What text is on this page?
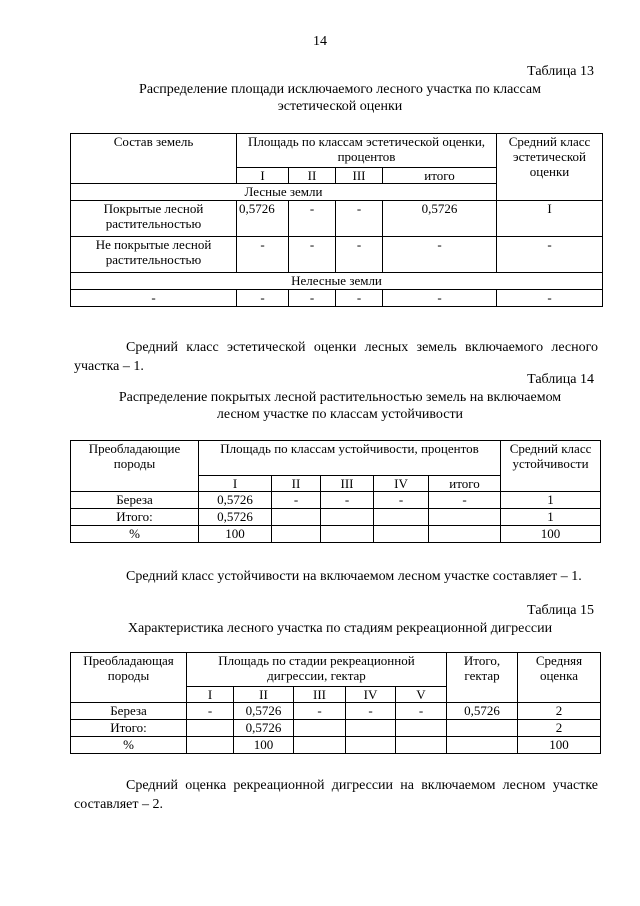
14
Таблица 13
Распределение площади исключаемого лесного участка по классам
эстетической оценки
Состав земель	Площадь по классам эстетической оценки, процентов				Средний класс эстетической оценки
	I	II	III	итого	
Лесные земли					
Покрытые лесной растительностью	0,5726	-	-	0,5726	I
Не покрытые лесной растительностью	-	-	-	-	-
Нелесные земли					
-	-	-	-	-	-
Средний класс эстетической оценки лесных земель включаемого лесного участка – 1.
Таблица 14
Распределение покрытых лесной растительностью земель на включаемом
лесном участке по классам устойчивости
Преобладающие породы	Площадь по классам устойчивости, процентов					Средний класс устойчивости
	I	II	III	IV	итого	
Береза	0,5726	-	-	-	-	1
Итого:	0,5726					1
%	100					100
Средний класс устойчивости на включаемом лесном участке составляет – 1.
Таблица 15
Характеристика лесного участка по стадиям рекреационной дигрессии
Преобладающая породы	Площадь по стадии рекреационной дигрессии, гектар					Итого, гектар	Средняя оценка
	I	II	III	IV	V		
Береза	-	0,5726	-	-	-	0,5726	2
Итого:		0,5726					2
%		100					100
Средний оценка рекреационной дигрессии на включаемом лесном участке составляет – 2.
